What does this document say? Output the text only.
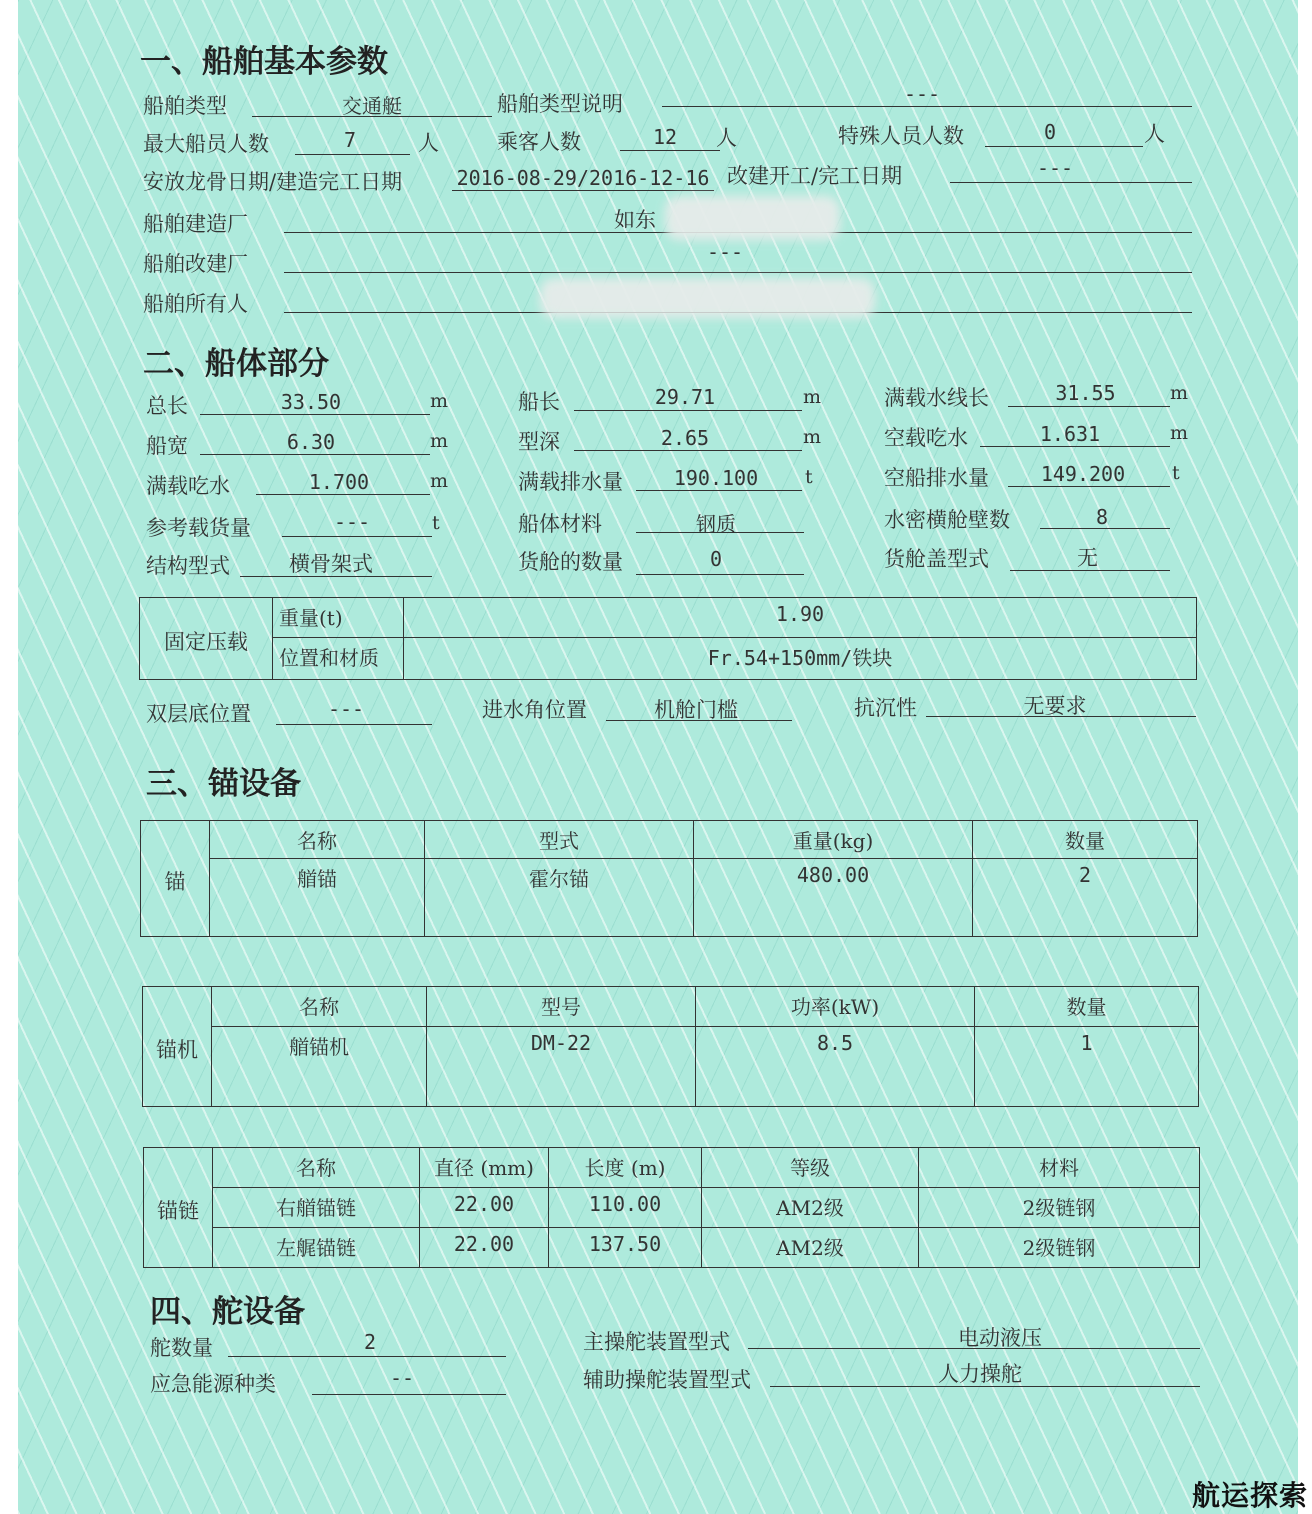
一、船舶基本参数
船舶类型	交通艇	船舶类型说明	---
最大船员人数	7	人	乘客人数	12	人	特殊人员人数	0	人
安放龙骨日期/建造完工日期	2016-08-29/2016-12-16 改建开工/完工日期	---
船舶建造厂	如东
船舶改建厂	---
船舶所有人
二、船体部分
总长	33.50	m	船长	29.71	m	满载水线长	31.55	m
船宽	6.30	m	型深	2.65	m	空载吃水	1.631	m
满载吃水	1.700	m	满载排水量	190.100	t	空船排水量	149.200	t
参考载货量	---	t	船体材料	钢质	水密横舱壁数	8
结构型式	横骨架式	货舱的数量	0	货舱盖型式	无
固定压载	重量(t)	1.90
	位置和材质	Fr.54+150mm/铁块
双层底位置	---	进水角位置	机舱门槛	抗沉性	无要求
三、锚设备
锚	名称	型式	重量(kg)	数量
	艏锚	霍尔锚	480.00	2
锚机	名称	型号	功率(kW)	数量
	艏锚机	DM-22	8.5	1
锚链	名称	直径 (mm)	长度 (m)	等级	材料
	右艏锚链	22.00	110.00	AM2级	2级链钢
	左艉锚链	22.00	137.50	AM2级	2级链钢
四、舵设备
舵数量	2	主操舵装置型式	电动液压
应急能源种类	--	辅助操舵装置型式	人力操舵
航运探索
